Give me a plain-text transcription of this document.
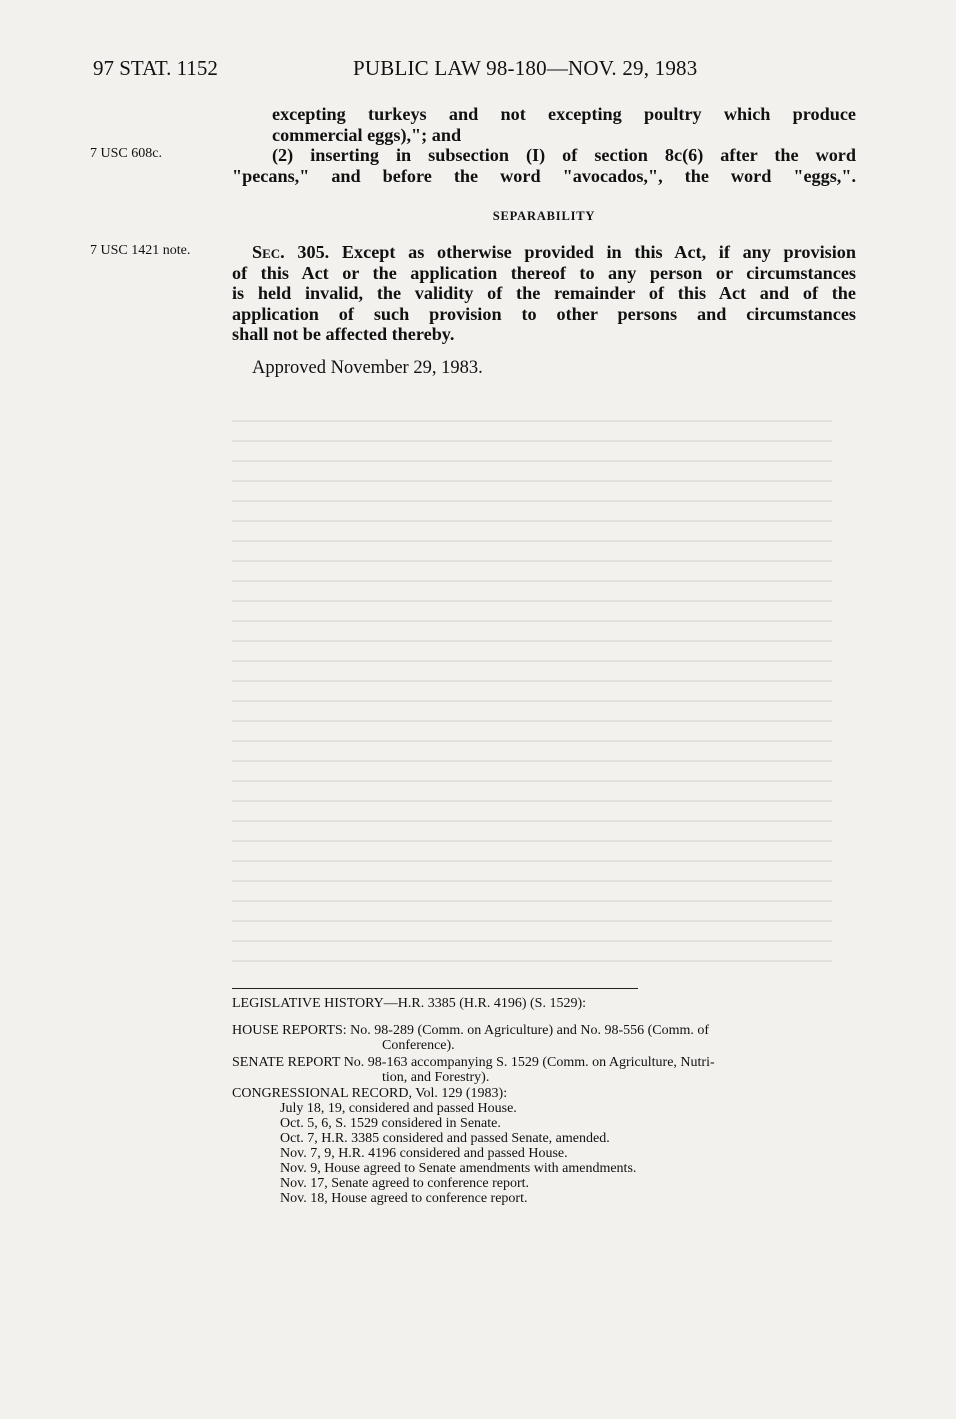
97 STAT. 1152	PUBLIC LAW 98-180—NOV. 29, 1983
7 USC 608c.
7 USC 1421 note.
excepting turkeys and not excepting poultry which produce
commercial eggs),"; and
(2) inserting in subsection (I) of section 8c(6) after the word
"pecans," and before the word "avocados,", the word "eggs,".
SEPARABILITY
Sec. 305. Except as otherwise provided in this Act, if any provision
of this Act or the application thereof to any person or circumstances
is held invalid, the validity of the remainder of this Act and of the
application of such provision to other persons and circumstances
shall not be affected thereby.
Approved November 29, 1983.
LEGISLATIVE HISTORY—H.R. 3385 (H.R. 4196) (S. 1529):
HOUSE REPORTS: No. 98-289 (Comm. on Agriculture) and No. 98-556 (Comm. of
Conference).
SENATE REPORT No. 98-163 accompanying S. 1529 (Comm. on Agriculture, Nutri-
tion, and Forestry).
CONGRESSIONAL RECORD, Vol. 129 (1983):
July 18, 19, considered and passed House.
Oct. 5, 6, S. 1529 considered in Senate.
Oct. 7, H.R. 3385 considered and passed Senate, amended.
Nov. 7, 9, H.R. 4196 considered and passed House.
Nov. 9, House agreed to Senate amendments with amendments.
Nov. 17, Senate agreed to conference report.
Nov. 18, House agreed to conference report.
